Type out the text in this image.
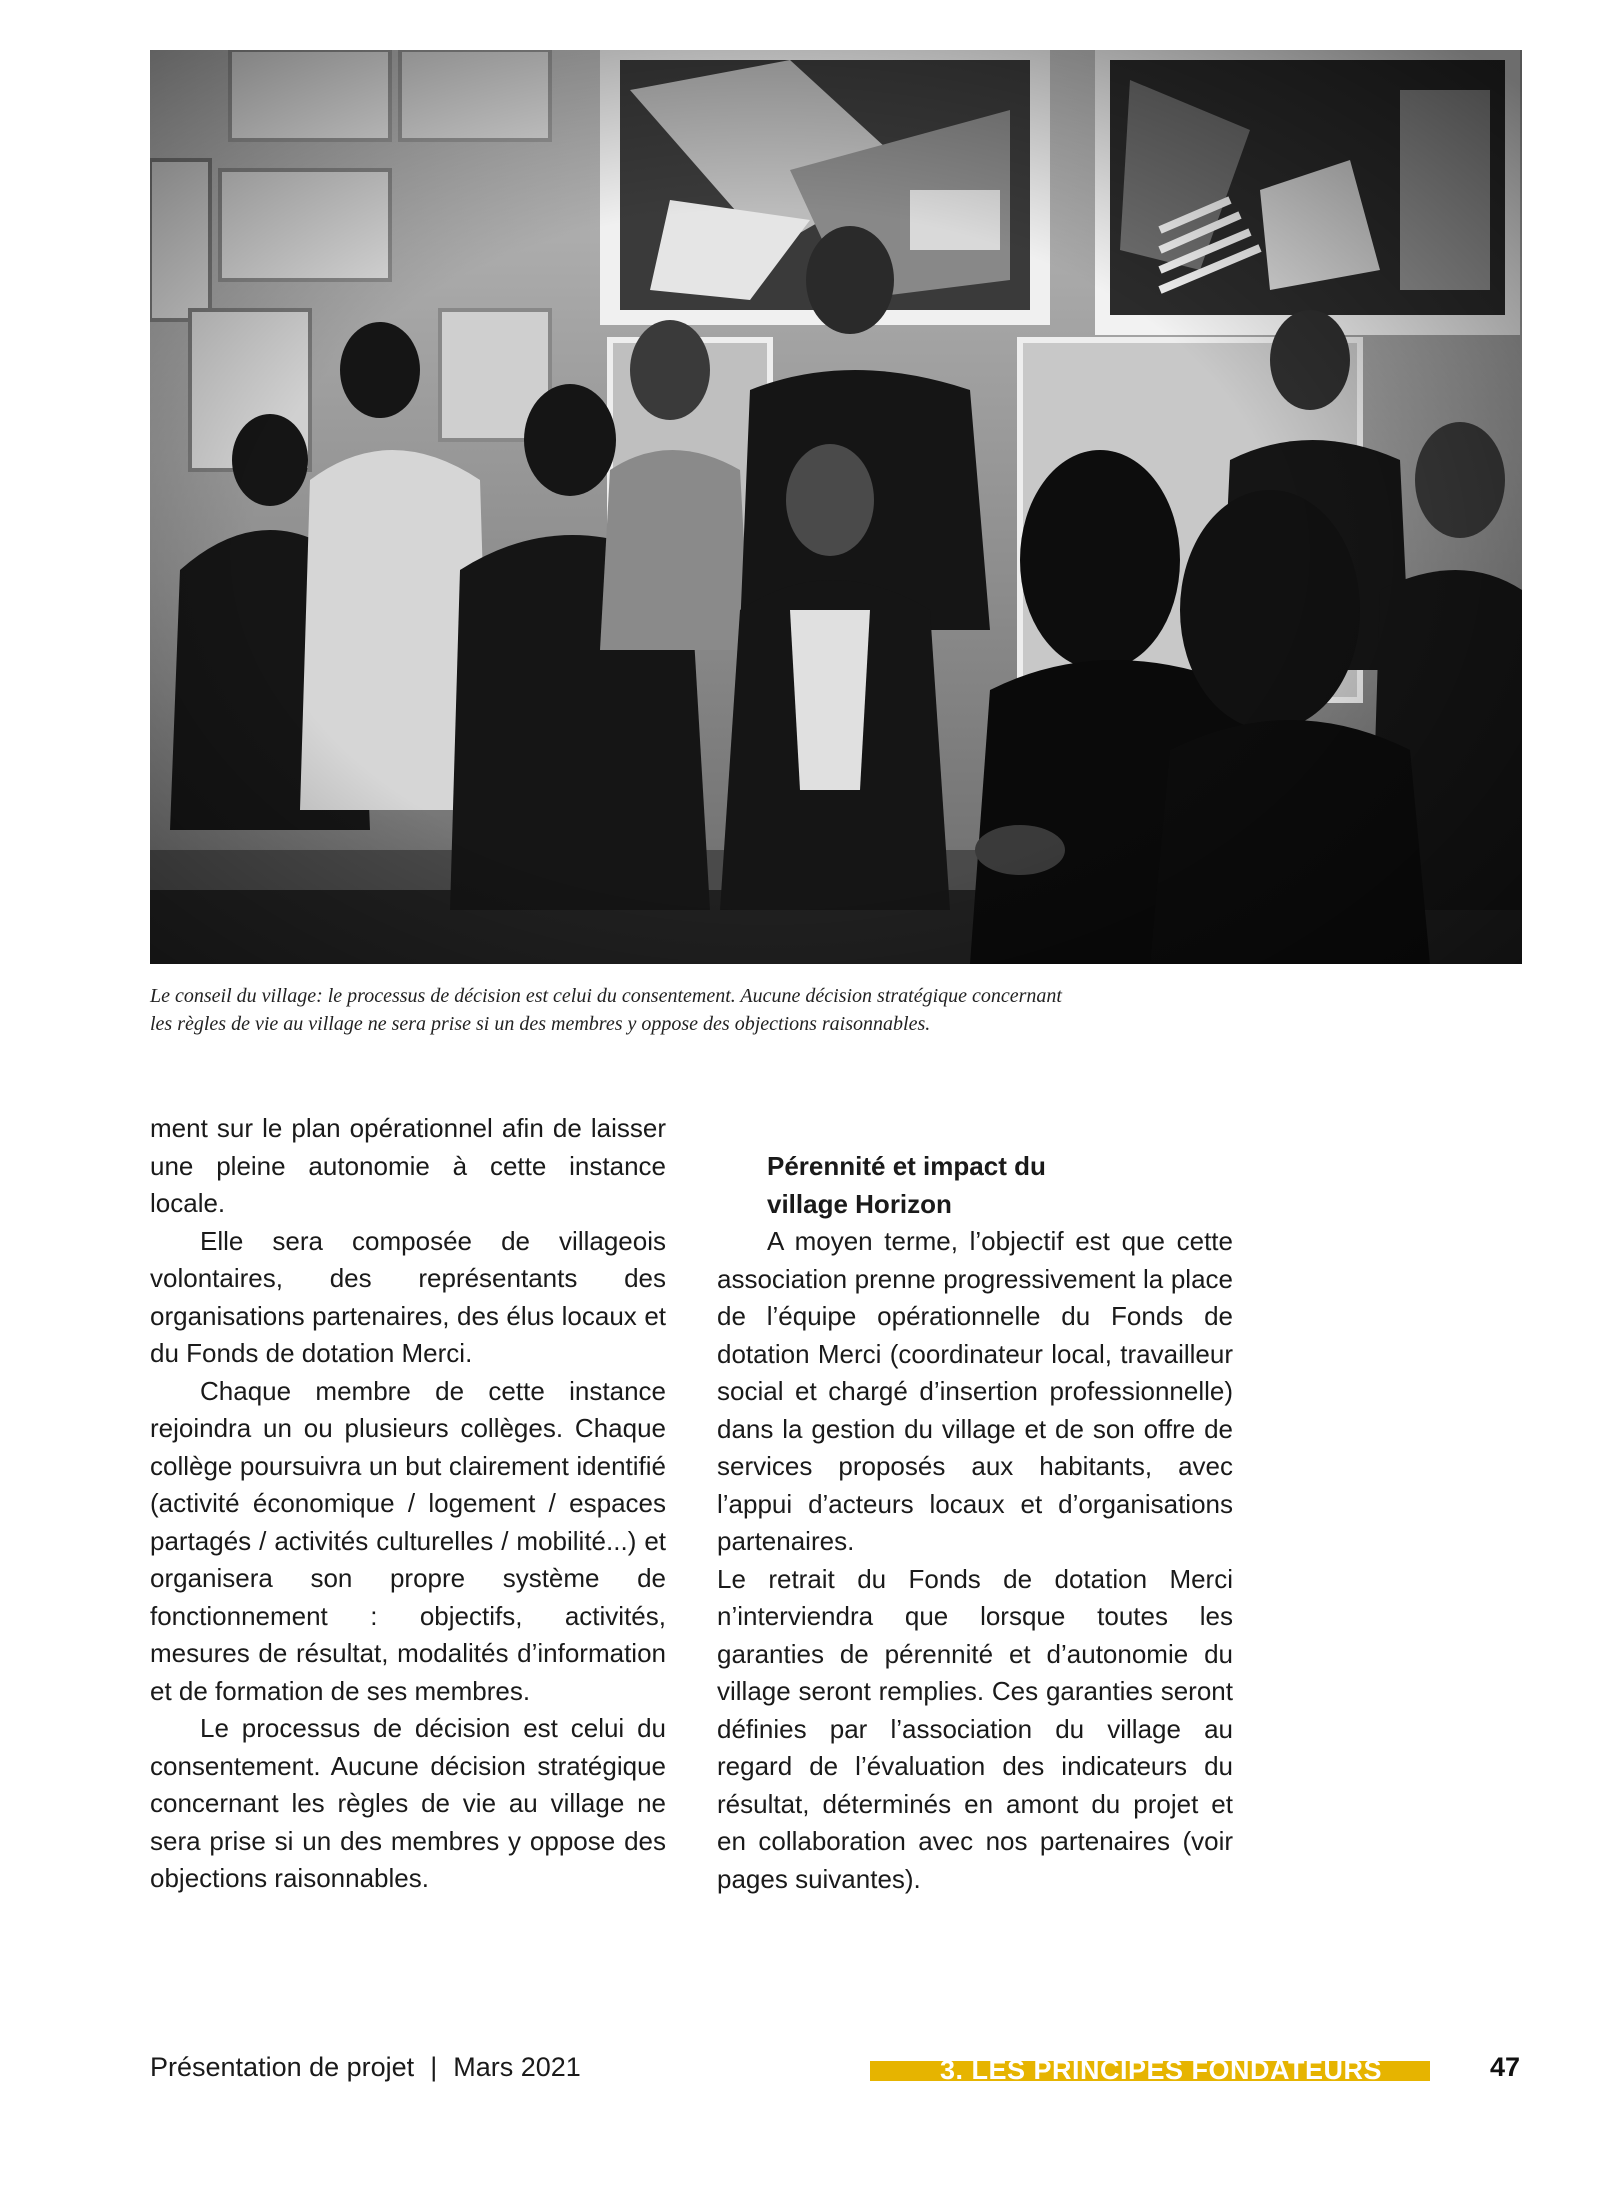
Le conseil du village: le processus de décision est celui du consentement. Aucune décision stratégique concernant

les règles de vie au village ne sera prise si un des membres y oppose des objections raisonnables.

ment sur le plan opérationnel afin de laisser une pleine autonomie à cette instance locale.

Elle sera composée de villageois volontaires, des représentants des organisations partenaires, des élus locaux et du Fonds de dotation Merci.

Chaque membre de cette instance rejoindra un ou plusieurs collèges. Chaque collège poursuivra un but clairement identifié (activité économique / logement / espaces partagés / activités culturelles / mobilité...) et organisera son propre système de fonctionnement : objectifs, activités, mesures de résultat, modalités d’information et de formation de ses membres.

Le processus de décision est celui du consentement. Aucune décision stratégique concernant les règles de vie au village ne sera prise si un des membres y oppose des objections raisonnables.

Pérennité et impact du
village Horizon

A moyen terme, l’objectif est que cette association prenne progressivement la place de l’équipe opérationnelle du Fonds de dotation Merci (coordinateur local, travailleur social et chargé d’insertion professionnelle) dans la gestion du village et de son offre de services proposés aux habitants, avec l’appui d’acteurs locaux et d’organisations partenaires.

Le retrait du Fonds de dotation Merci n’interviendra que lorsque toutes les garanties de pérennité et d’autonomie du village seront remplies. Ces garanties seront définies par l’association du village au regard de l’évaluation des indicateurs du résultat, déterminés en amont du projet et en collaboration avec nos partenaires (voir pages suivantes).

Présentation de projet | Mars 2021	3. LES PRINCIPES FONDATEURS	47
